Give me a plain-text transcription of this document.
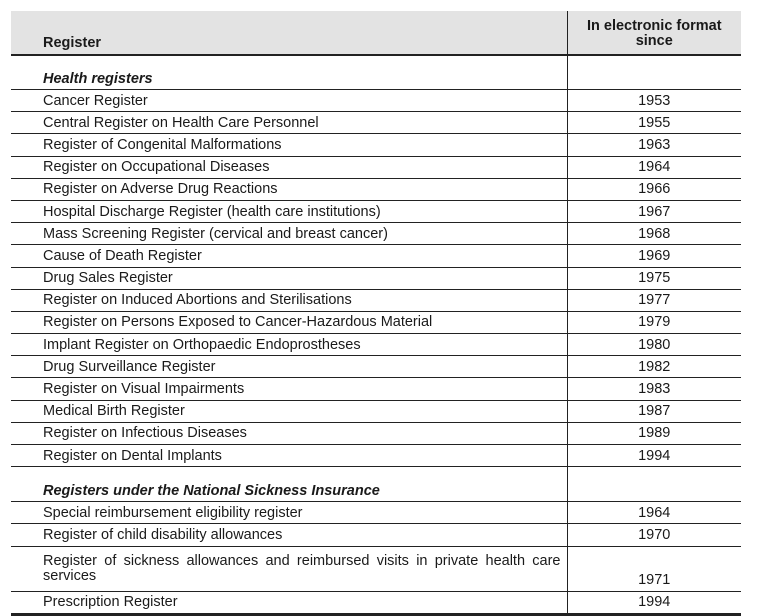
Register	In electronic format since
Health registers	
Cancer Register	1953
Central Register on Health Care Personnel	1955
Register of Congenital Malformations	1963
Register on Occupational Diseases	1964
Register on Adverse Drug Reactions	1966
Hospital Discharge Register (health care institutions)	1967
Mass Screening Register (cervical and breast cancer)	1968
Cause of Death Register	1969
Drug Sales Register	1975
Register on Induced Abortions and Sterilisations	1977
Register on Persons Exposed to Cancer-Hazardous Material	1979
Implant Register on Orthopaedic Endoprostheses	1980
Drug Surveillance Register	1982
Register on Visual Impairments	1983
Medical Birth Register	1987
Register on Infectious Diseases	1989
Register on Dental Implants	1994
Registers under the National Sickness Insurance	
Special reimbursement eligibility register	1964
Register of child disability allowances	1970
Register of sickness allowances and reimbursed visits in private health care services	1971
Prescription Register	1994
